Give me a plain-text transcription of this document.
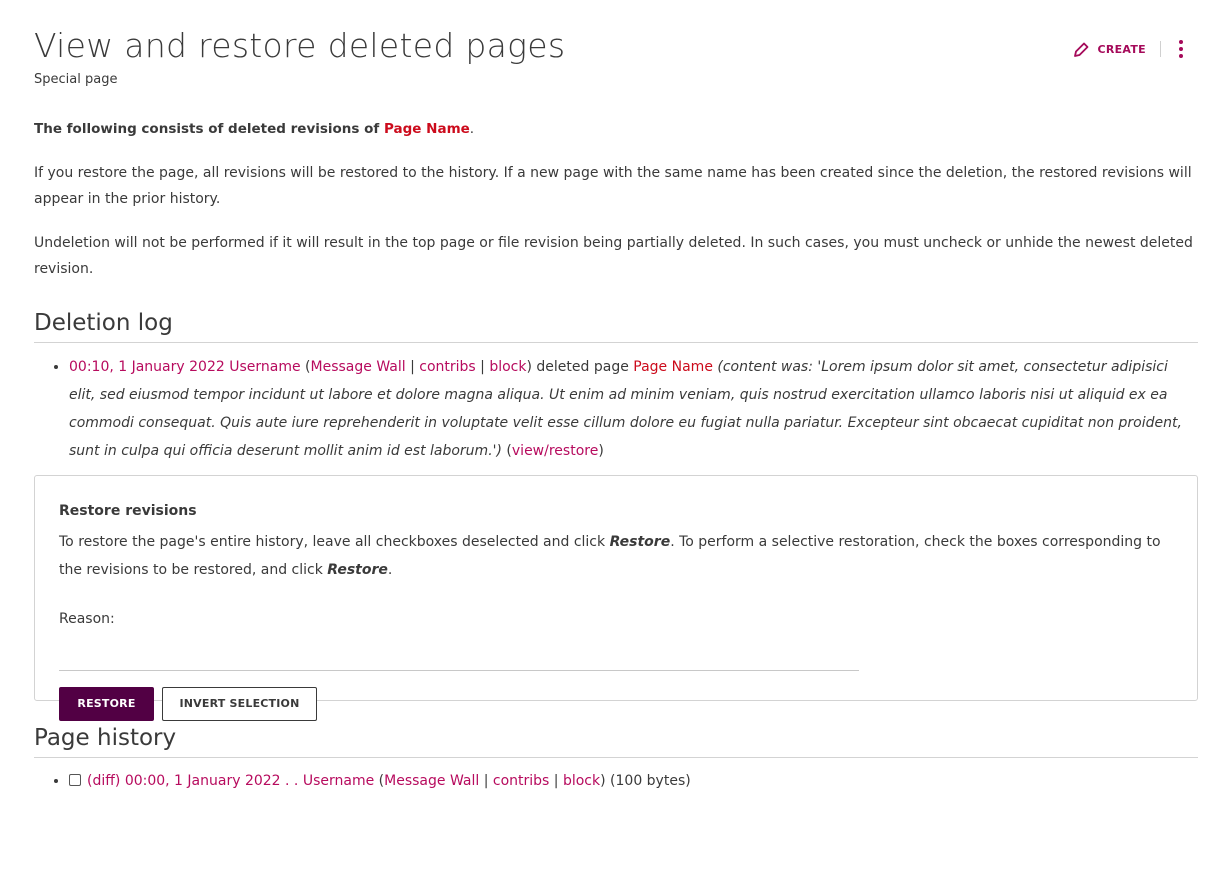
View and restore deleted pages
Special page
CREATE

The following consists of deleted revisions of Page Name.

If you restore the page, all revisions will be restored to the history. If a new page with the same name has been created since the deletion, the restored revisions will appear in the prior history.

Undeletion will not be performed if it will result in the top page or file revision being partially deleted. In such cases, you must uncheck or unhide the newest deleted revision.

Deletion log
• 00:10, 1 January 2022 Username (Message Wall | contribs | block) deleted page Page Name (content was: 'Lorem ipsum dolor sit amet, consectetur adipisici elit, sed eiusmod tempor incidunt ut labore et dolore magna aliqua. Ut enim ad minim veniam, quis nostrud exercitation ullamco laboris nisi ut aliquid ex ea commodi consequat. Quis aute iure reprehenderit in voluptate velit esse cillum dolore eu fugiat nulla pariatur. Excepteur sint obcaecat cupiditat non proident, sunt in culpa qui officia deserunt mollit anim id est laborum.') (view/restore)
Restore revisions
To restore the page's entire history, leave all checkboxes deselected and click Restore. To perform a selective restoration, check the boxes corresponding to the revisions to be restored, and click Restore.
Reason:
RESTORE	INVERT SELECTION
Page history
• (diff) 00:00, 1 January 2022 . . Username (Message Wall | contribs | block) (100 bytes)
